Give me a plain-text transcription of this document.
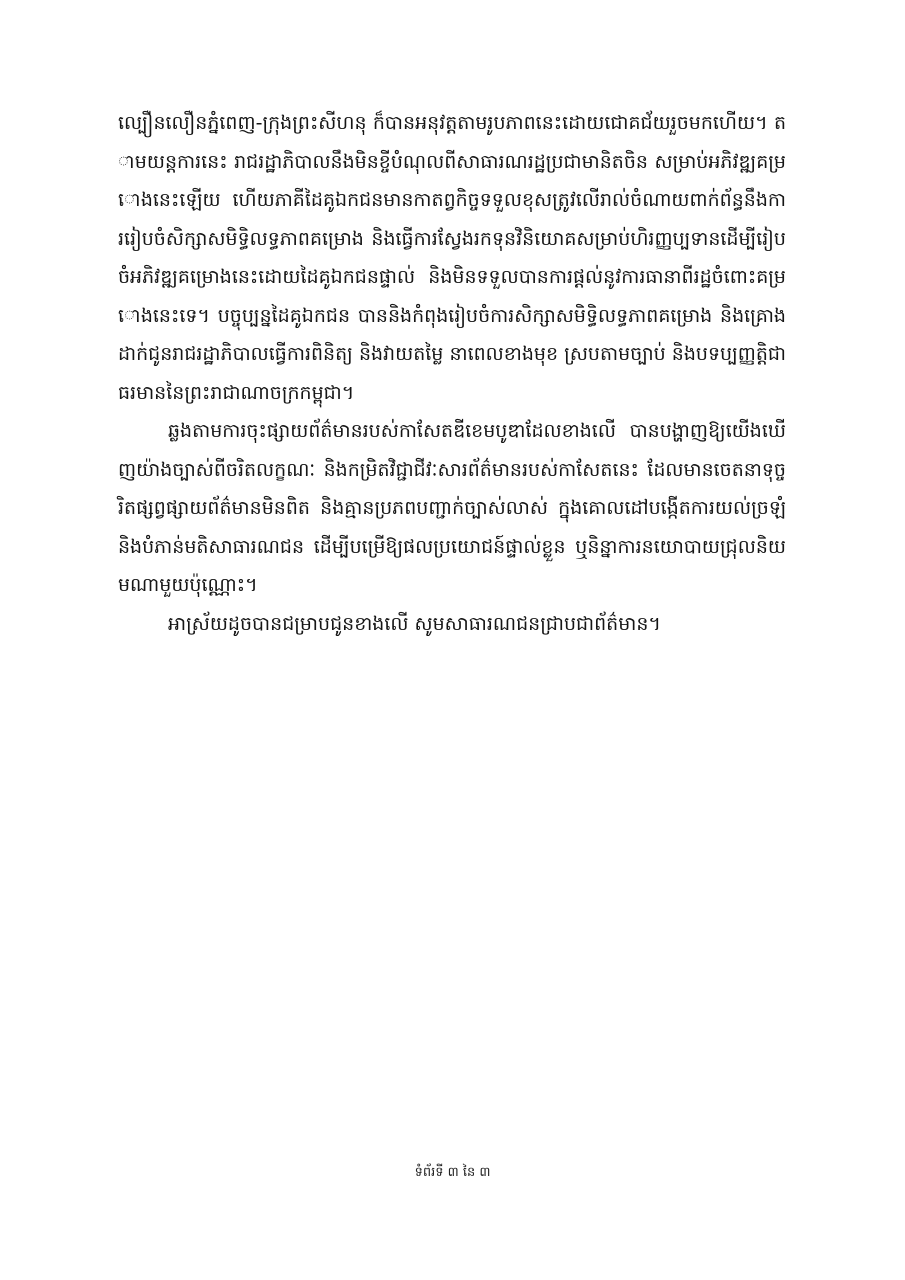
ល្បឿនលឿនភ្នំពេញ-ក្រុងព្រះសីហនុ ក៏បានអនុវត្តតាមរូបភាពនេះដោយជោគជ័យរួចមកហើយ។ តាមយន្តការនេះ រាជរដ្ឋាភិបាលនឹងមិនខ្ចីបំណុលពីសាធារណរដ្ឋប្រជាមានិតចិន សម្រាប់អភិវឌ្ឍគម្រោងនេះឡើយ ហើយភាគីដៃគូឯកជនមានកាតព្វកិច្ចទទួលខុសត្រូវលើរាល់ចំណាយពាក់ព័ន្ធនឹងការរៀបចំសិក្សាសមិទ្ធិលទ្ធភាពគម្រោង និងធ្វើការស្វែងរកទុនវិនិយោគសម្រាប់ហិរញ្ញប្បទានដើម្បីរៀបចំអភិវឌ្ឍគម្រោងនេះដោយដៃគូឯកជនផ្ទាល់ និងមិនទទួលបានការផ្ដល់នូវការធានាពីរដ្ឋចំពោះគម្រោងនេះទេ។ បច្ចុប្បន្នដៃគូឯកជន បាននិងកំពុងរៀបចំការសិក្សាសមិទ្ធិលទ្ធភាពគម្រោង និងគ្រោងដាក់ជូនរាជរដ្ឋាភិបាលធ្វើការពិនិត្យ និងវាយតម្លៃ នាពេលខាងមុខ ស្របតាមច្បាប់ និងបទប្បញ្ញត្តិជាធរមាននៃព្រះរាជាណាចក្រកម្ពុជា។

ឆ្លងតាមការចុះផ្សាយព័ត៌មានរបស់កាសែតឌីខេមបូឌាដែលខាងលើ បានបង្ហាញឱ្យយើងឃើញយ៉ាងច្បាស់ពីចរិតលក្ខណៈ និងកម្រិតវិជ្ជាជីវៈសារព័ត៌មានរបស់កាសែតនេះ ដែលមានចេតនាទុច្ចរិតផ្សព្វផ្សាយព័ត៌មានមិនពិត និងគ្មានប្រភពបញ្ជាក់ច្បាស់លាស់ ក្នុងគោលដៅបង្កើតការយល់ច្រឡំ និងបំភាន់មតិសាធារណជន ដើម្បីបម្រើឱ្យផលប្រយោជន៍ផ្ទាល់ខ្លួន ឬនិន្នាការនយោបាយជ្រុលនិយមណាមួយប៉ុណ្ណោះ។

អាស្រ័យដូចបានជម្រាបជូនខាងលើ សូមសាធារណជនជ្រាបជាព័ត៌មាន។

ទំព័រទី ៣ នៃ ៣
